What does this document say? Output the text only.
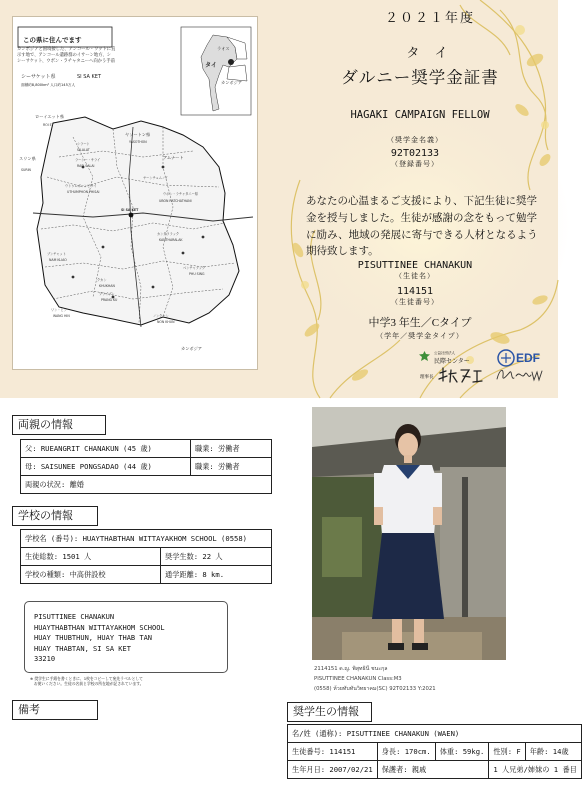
この県に住んでます
カンボジアと国境接した、アンコール・ワットに直
示す地で、アンコール遺跡群のイサーン地方、シ
シーサケット、ウボン・ラチャタニーへ向かう手前
シーサケット県	SI SA KET
面積約8,800km² 人口約145万人
ラオス
タイ
カンボジア
ローイエット県
ROI ET
ヤソートン県
YASOTHON
スリン県
SURIN
アムナート
ウボン・ラチャタニー県
UBON RATCHATHANI
SI SA KET
カンボジア
シラート
SILALAT
ラーシー・サライ
RASI SALAI
ヤーンチュムノイ
ウトゥムポーンピサイ
UTHUMPHON PHISAI
カンタララック
KANTHARALAK
クカン
KHUKHAN
プライブン
PRANG KU
ブンチャット
NAM KLIAO
ノンクーン
NON KHUN
ベンチャラック
PHU SING
ワン・ヒン
WANG HIN
２０２１年度
タ イ
ダルニー奨学金証書
HAGAKI CAMPAIGN FELLOW
（奨学金名義）
92T02133
（登録番号）
あなたの心温まるご支援により、下記生徒に奨学金を授与しました。生徒が感謝の念をもって勉学に励み、地域の発展に寄与できる人材となるよう期待致します。
PISUTTINEE CHANAKUN
（生徒名）
114151
（生徒番号）
中学3 年生／Cタイプ
（学年／奨学金タイプ）
公益社団法人
民際センター	EDF
理事長
両親の情報
父: RUEANGRIT CHANAKUN (45 歳)	職業: 労働者
母: SAISUNEE PONGSADAO (44 歳)	職業: 労働者
両親の状況: 離婚	
学校の情報
学校名 (番号): HUAYTHABTHAN WITTAYAKHOM SCHOOL (0558)	
生徒総数: 1501 人	奨学生数: 22 人
学校の種類: 中高併設校	通学距離: 8 km.
PISUTTINEE CHANAKUN
HUAYTHABTHAN WITTAYAKHOM SCHOOL
HUAY THUBTHUN, HUAY THAB TAN
HUAY THABTAN, SI SA KET
33210
※ 奨学生に手紙を書くときに、1枚をコピーして宛先ラベルとして
　お使いください。生徒の名前と学校の所在地が記されています。
備考
2114151 ด.ญ. พิสุทธินี ชนะกุล
PISUTTINEE CHANAKUN Class:M3
(0558) ห้วยทับทันวิทยาคม(SC) 92T02133 Y:2021
奨学生の情報
名/姓 (通称): PISUTTINEE CHANAKUN (WAEN)				
生徒番号: 114151	身長: 170cm.	体重: 59kg.	性別: F	年齢: 14歳
生年月日: 2007/02/21	保護者: 親戚		1 人兄弟/姉妹の 1 番目	
